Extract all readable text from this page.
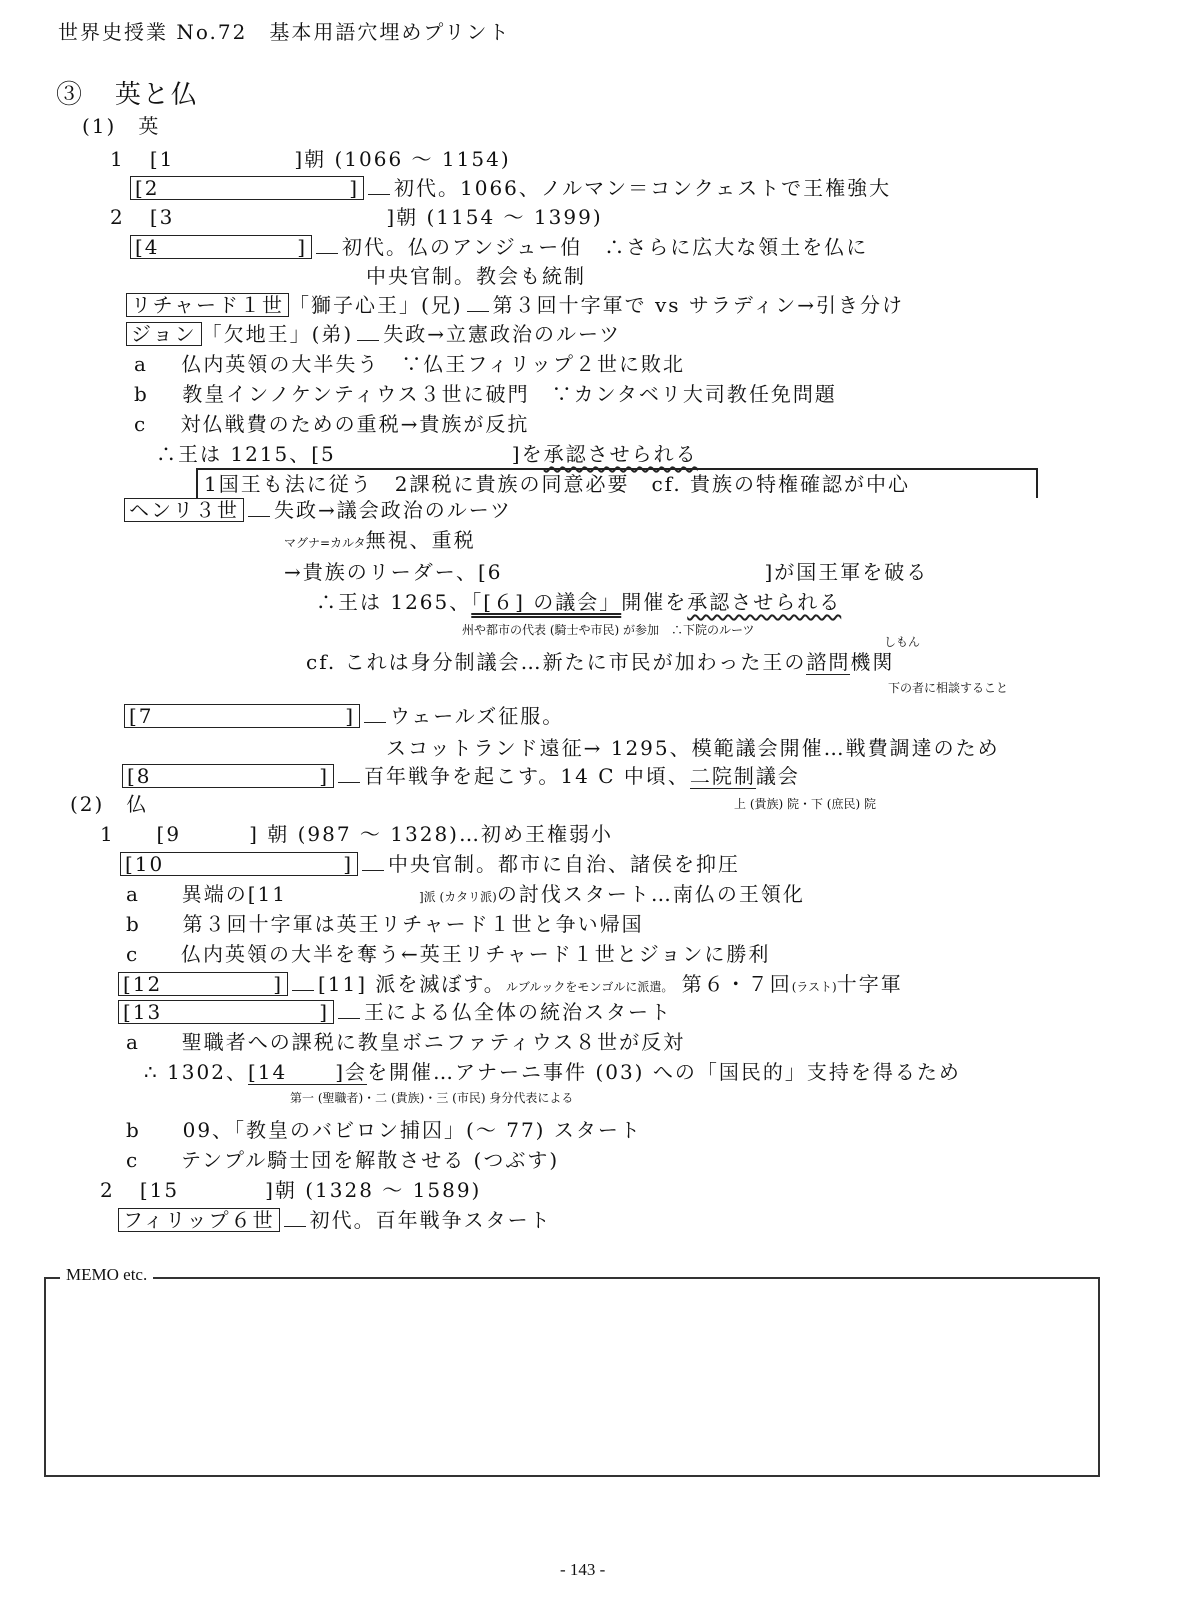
世界史授業 No.72　基本用語穴埋めプリント
③ 英と仏
(1)　英
1 [1	]朝 (1066 〜 1154)
[2	] 初代。1066、ノルマン＝コンクェストで王権強大
2 [3	]朝 (1154 〜 1399)
[4	] 初代。仏のアンジュー伯　∴さらに広大な領土を仏に
中央官制。教会も統制
リチャード１世 「獅子心王」(兄) 第３回十字軍で vs サラディン→引き分け
ジョン 「欠地王」(弟) 失政→立憲政治のルーツ
a 仏内英領の大半失う　∵仏王フィリップ２世に敗北
b 教皇インノケンティウス３世に破門　∵カンタベリ大司教任免問題
c 対仏戦費のための重税→貴族が反抗
∴王は 1215、[5	]を承認させられる
1国王も法に従う　2課税に貴族の同意必要　cf. 貴族の特権確認が中心
ヘンリ３世 失政→議会政治のルーツ
マグナ=カルタ無視、重税
→貴族のリーダー、[6	]が国王軍を破る
∴王は 1265、「[６] の議会」開催を承認させられる
州や都市の代表 (騎士や市民) が参加　∴下院のルーツ
しもん
cf. これは身分制議会…新たに市民が加わった王の諮問機関
下の者に相談すること
[7	] ウェールズ征服。
スコットランド遠征→ 1295、模範議会開催…戦費調達のため
[8	] 百年戦争を起こす。14 C 中頃、二院制議会
上 (貴族) 院・下 (庶民) 院
(2)　仏
1 [9	] 朝 (987 〜 1328)…初め王権弱小
[10	] 中央官制。都市に自治、諸侯を抑圧
a 異端の[11	]派 (カタリ派)の討伐スタート…南仏の王領化
b 第３回十字軍は英王リチャード１世と争い帰国
c 仏内英領の大半を奪う←英王リチャード１世とジョンに勝利
[12	] [11] 派を滅ぼす。ルブルックをモンゴルに派遣。 第６・７回(ラスト)十字軍
[13	] 王による仏全体の統治スタート
a 聖職者への課税に教皇ボニファティウス８世が反対
∴ 1302、[14 ]会を開催…アナーニ事件 (03) への「国民的」支持を得るため
第一 (聖職者)・二 (貴族)・三 (市民) 身分代表による
b 09、「教皇のバビロン捕囚」(〜 77) スタート
c テンプル騎士団を解散させる (つぶす)
2 [15	]朝 (1328 〜 1589)
フィリップ６世 初代。百年戦争スタート
MEMO etc.
- 143 -
